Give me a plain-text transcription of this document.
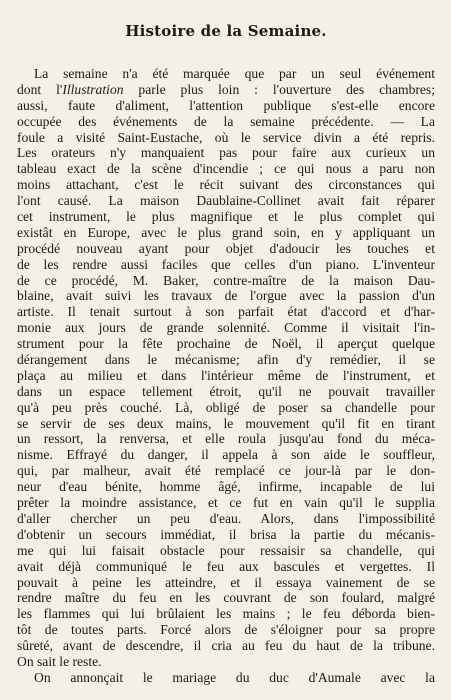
Histoire de la Semaine.
La semaine n'a été marquée que par un seul événement
dont l'Illustration parle plus loin : l'ouverture des chambres;
aussi, faute d'aliment, l'attention publique s'est-elle encore
occupée des événements de la semaine précédente. — La
foule a visité Saint-Eustache, où le service divin a été repris.
Les orateurs n'y manquaient pas pour faire aux curieux un
tableau exact de la scène d'incendie ; ce qui nous a paru non
moins attachant, c'est le récit suivant des circonstances qui
l'ont causé. La maison Daublaine-Collinet avait fait réparer
cet instrument, le plus magnifique et le plus complet qui
existât en Europe, avec le plus grand soin, en y appliquant un
procédé nouveau ayant pour objet d'adoucir les touches et
de les rendre aussi faciles que celles d'un piano. L'inventeur
de ce procédé, M. Baker, contre-maître de la maison Dau-
blaine, avait suivi les travaux de l'orgue avec la passion d'un
artiste. Il tenait surtout à son parfait état d'accord et d'har-
monie aux jours de grande solennité. Comme il visitait l'in-
strument pour la fête prochaine de Noël, il aperçut quelque
dérangement dans le mécanisme; afin d'y remédier, il se
plaça au milieu et dans l'intérieur même de l'instrument, et
dans un espace tellement étroit, qu'il ne pouvait travailler
qu'à peu près couché. Là, obligé de poser sa chandelle pour
se servir de ses deux mains, le mouvement qu'il fit en tirant
un ressort, la renversa, et elle roula jusqu'au fond du méca-
nisme. Effrayé du danger, il appela à son aide le souffleur,
qui, par malheur, avait été remplacé ce jour-là par le don-
neur d'eau bénite, homme âgé, infirme, incapable de lui
prêter la moindre assistance, et ce fut en vain qu'il le supplia
d'aller chercher un peu d'eau. Alors, dans l'impossibilité
d'obtenir un secours immédiat, il brisa la partie du mécanis-
me qui lui faisait obstacle pour ressaisir sa chandelle, qui
avait déjà communiqué le feu aux bascules et vergettes. Il
pouvait à peine les atteindre, et il essaya vainement de se
rendre maître du feu en les couvrant de son foulard, malgré
les flammes qui lui brûlaient les mains ; le feu déborda bien-
tôt de toutes parts. Forcé alors de s'éloigner pour sa propre
sûreté, avant de descendre, il cria au feu du haut de la tribune.
On sait le reste.
On annonçait le mariage du duc d'Aumale avec la
